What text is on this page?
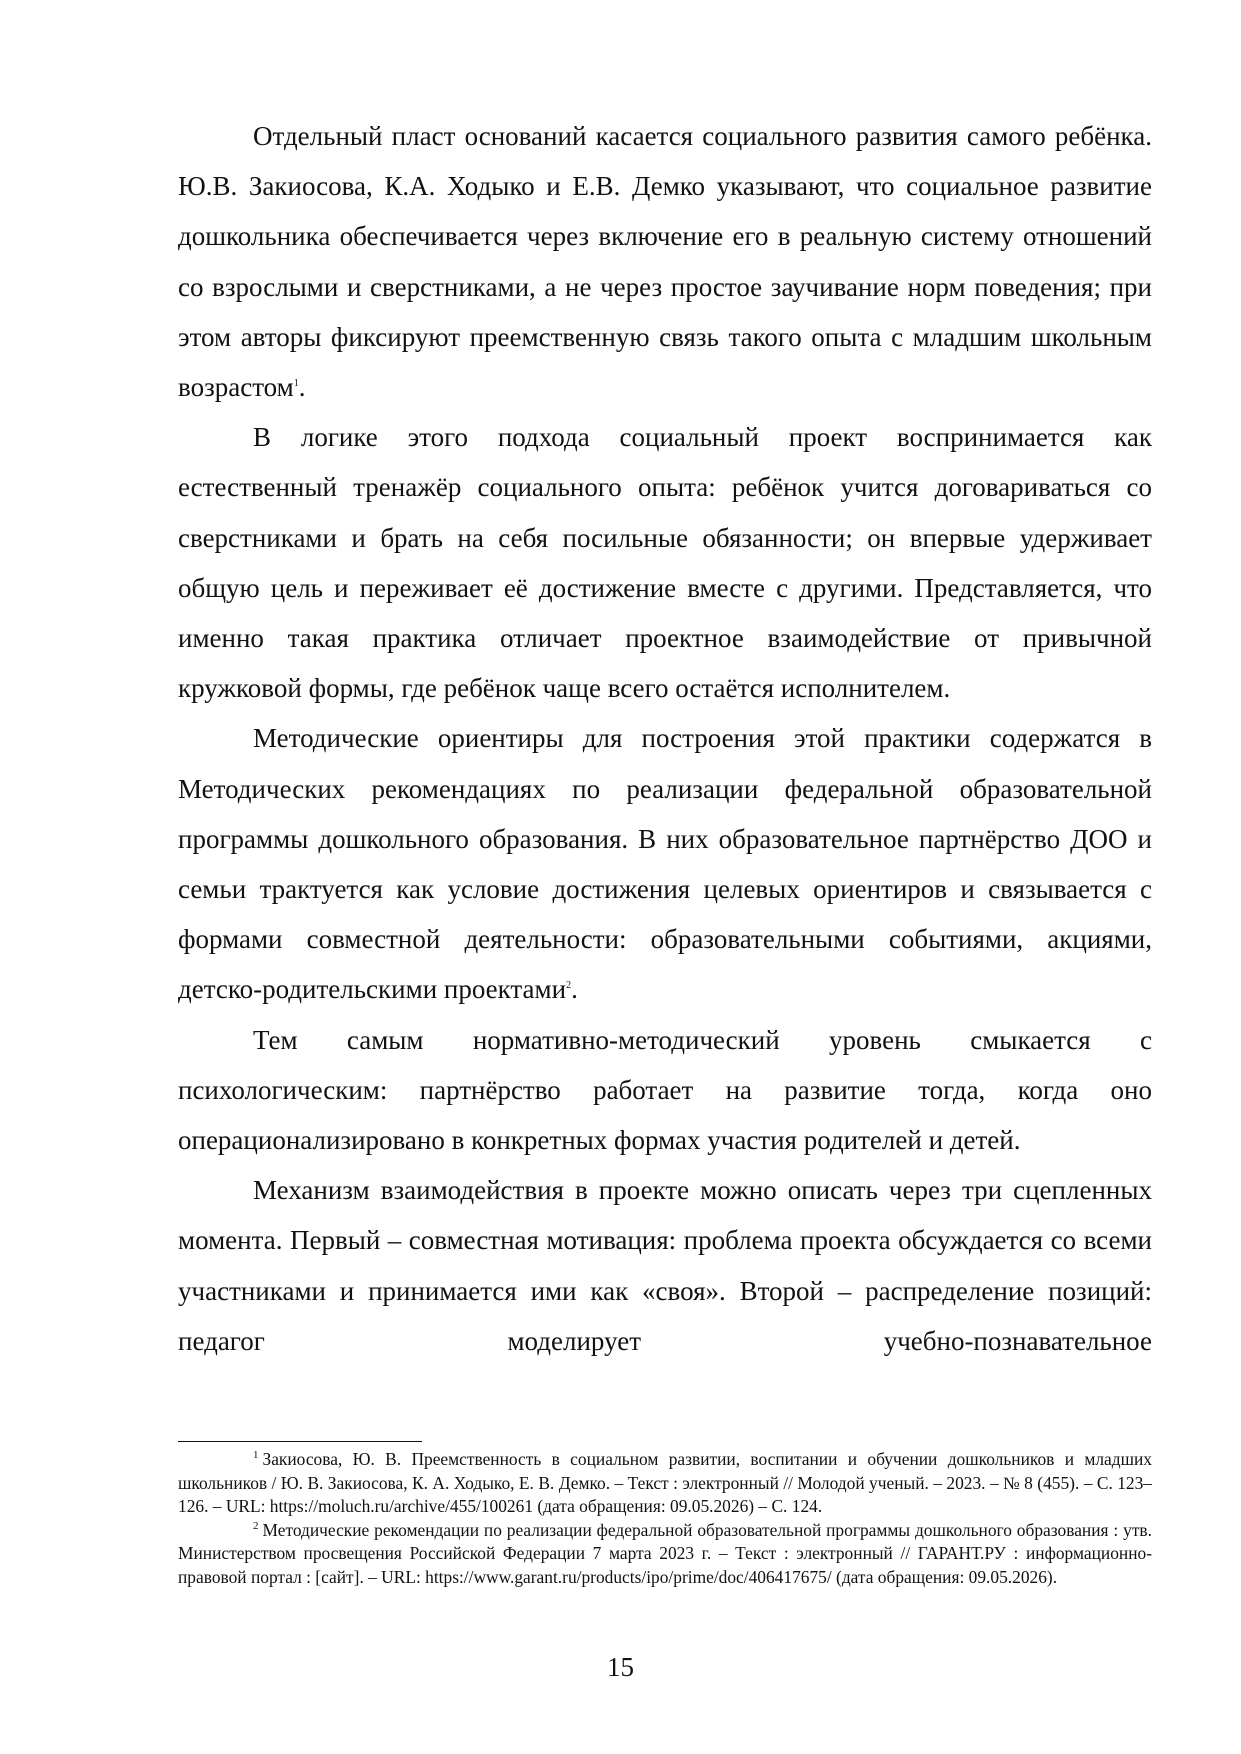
Отдельный пласт оснований касается социального развития самого ребёнка. Ю.В. Закиосова, К.А. Ходыко и Е.В. Демко указывают, что социальное развитие дошкольника обеспечивается через включение его в реальную систему отношений со взрослыми и сверстниками, а не через простое заучивание норм поведения; при этом авторы фиксируют преемственную связь такого опыта с младшим школьным возрастом$^1$.

В логике этого подхода социальный проект воспринимается как естественный тренажёр социального опыта: ребёнок учится договариваться со сверстниками и брать на себя посильные обязанности; он впервые удерживает общую цель и переживает её достижение вместе с другими. Представляется, что именно такая практика отличает проектное взаимодействие от привычной кружковой формы, где ребёнок чаще всего остаётся исполнителем.

Методические ориентиры для построения этой практики содержатся в Методических рекомендациях по реализации федеральной образовательной программы дошкольного образования. В них образовательное партнёрство ДОО и семьи трактуется как условие достижения целевых ориентиров и связывается с формами совместной деятельности: образовательными событиями, акциями, детско-родительскими проектами$^2$.

Тем самым нормативно-методический уровень смыкается с психологическим: партнёрство работает на развитие тогда, когда оно операционализировано в конкретных формах участия родителей и детей.

Механизм взаимодействия в проекте можно описать через три сцепленных момента. Первый – совместная мотивация: проблема проекта обсуждается со всеми участниками и принимается ими как «своя». Второй – распределение позиций: педагог моделирует учебно-познавательное

$^1$ Закиосова, Ю. В. Преемственность в социальном развитии, воспитании и обучении дошкольников и младших школьников / Ю. В. Закиосова, К. А. Ходыко, Е. В. Демко. – Текст : электронный // Молодой ученый. – 2023. – № 8 (455). – С. 123–126. – URL: https://moluch.ru/archive/455/100261 (дата обращения: 09.05.2026) – С. 124.

$^2$ Методические рекомендации по реализации федеральной образовательной программы дошкольного образования : утв. Министерством просвещения Российской Федерации 7 марта 2023 г. – Текст : электронный // ГАРАНТ.РУ : информационно-правовой портал : [сайт]. – URL: https://www.garant.ru/products/ipo/prime/doc/406417675/ (дата обращения: 09.05.2026).

15
